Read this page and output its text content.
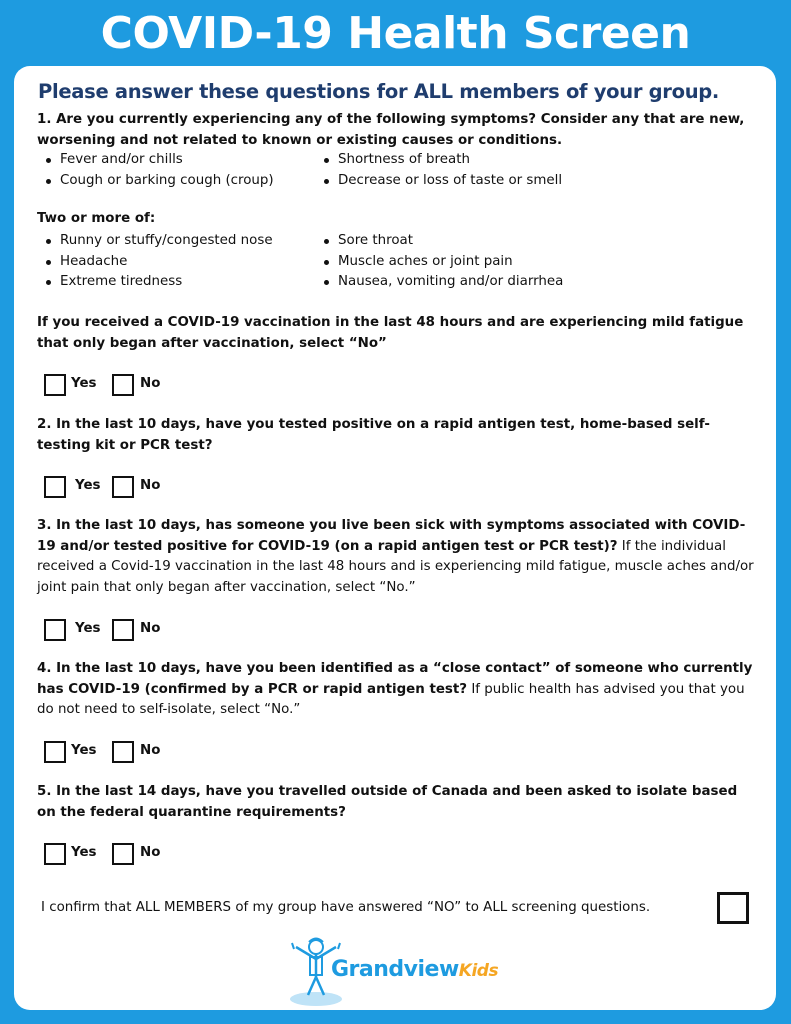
COVID-19 Health Screen
Please answer these questions for ALL members of your group.
1. Are you currently experiencing any of the following symptoms? Consider any that are new, worsening and not related to known or existing causes or conditions.
Fever and/or chills
Cough or barking cough (croup)
Shortness of breath
Decrease or loss of taste or smell
Two or more of:
Runny or stuffy/congested nose
Headache
Extreme tiredness
Sore throat
Muscle aches or joint pain
Nausea, vomiting and/or diarrhea
If you received a COVID-19 vaccination in the last 48 hours and are experiencing mild fatigue that only began after vaccination, select “No”
Yes	No
2. In the last 10 days, have you tested positive on a rapid antigen test, home-based self-testing kit or PCR test?
Yes	No
3. In the last 10 days, has someone you live been sick with symptoms associated with COVID-19 and/or tested positive for COVID-19 (on a rapid antigen test or PCR test)? If the individual received a Covid-19 vaccination in the last 48 hours and is experiencing mild fatigue, muscle aches and/or joint pain that only began after vaccination, select “No.”
Yes	No
4. In the last 10 days, have you been identified as a “close contact” of someone who currently has COVID-19 (confirmed by a PCR or rapid antigen test? If public health has advised you that you do not need to self-isolate, select “No.”
Yes	No
5. In the last 14 days, have you travelled outside of Canada and been asked to isolate based on the federal quarantine requirements?
Yes	No
I confirm that ALL MEMBERS of my group have answered “NO” to ALL screening questions.
GrandviewKids
